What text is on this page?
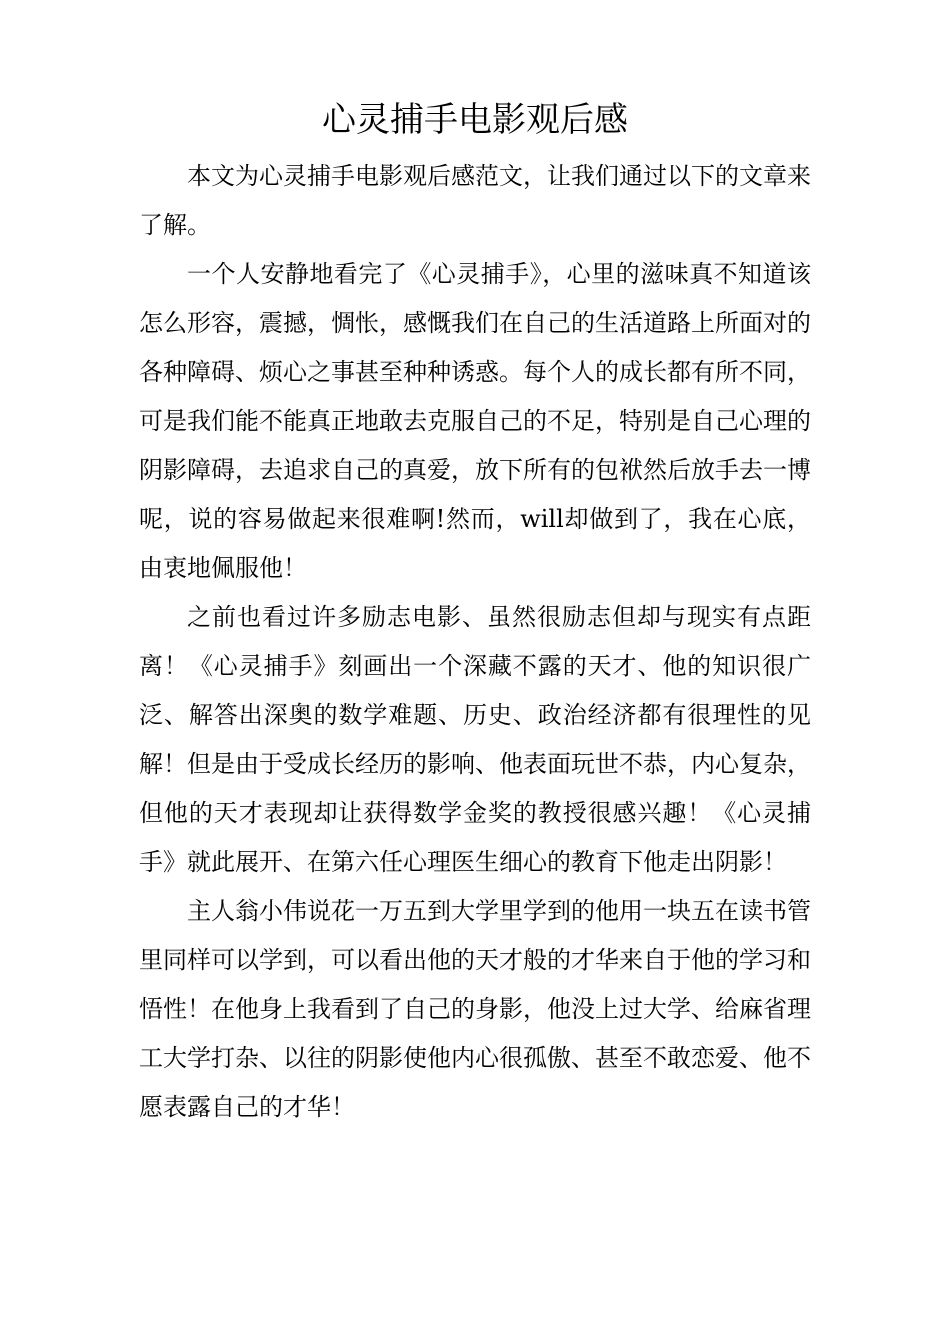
心灵捕手电影观后感

本文为心灵捕手电影观后感范文，让我们通过以下的文章来了解。

一个人安静地看完了《心灵捕手》，心里的滋味真不知道该怎么形容，震撼，惆怅，感慨我们在自己的生活道路上所面对的各种障碍、烦心之事甚至种种诱惑。每个人的成长都有所不同，可是我们能不能真正地敢去克服自己的不足，特别是自己心理的阴影障碍，去追求自己的真爱，放下所有的包袱然后放手去一博呢，说的容易做起来很难啊!然而，will却做到了，我在心底，由衷地佩服他！

之前也看过许多励志电影、虽然很励志但却与现实有点距离！《心灵捕手》刻画出一个深藏不露的天才、他的知识很广泛、解答出深奥的数学难题、历史、政治经济都有很理性的见解！但是由于受成长经历的影响、他表面玩世不恭，内心复杂，但他的天才表现却让获得数学金奖的教授很感兴趣！《心灵捕手》就此展开、在第六任心理医生细心的教育下他走出阴影！

主人翁小伟说花一万五到大学里学到的他用一块五在读书管里同样可以学到，可以看出他的天才般的才华来自于他的学习和悟性！在他身上我看到了自己的身影，他没上过大学、给麻省理工大学打杂、以往的阴影使他内心很孤傲、甚至不敢恋爱、他不愿表露自己的才华！
